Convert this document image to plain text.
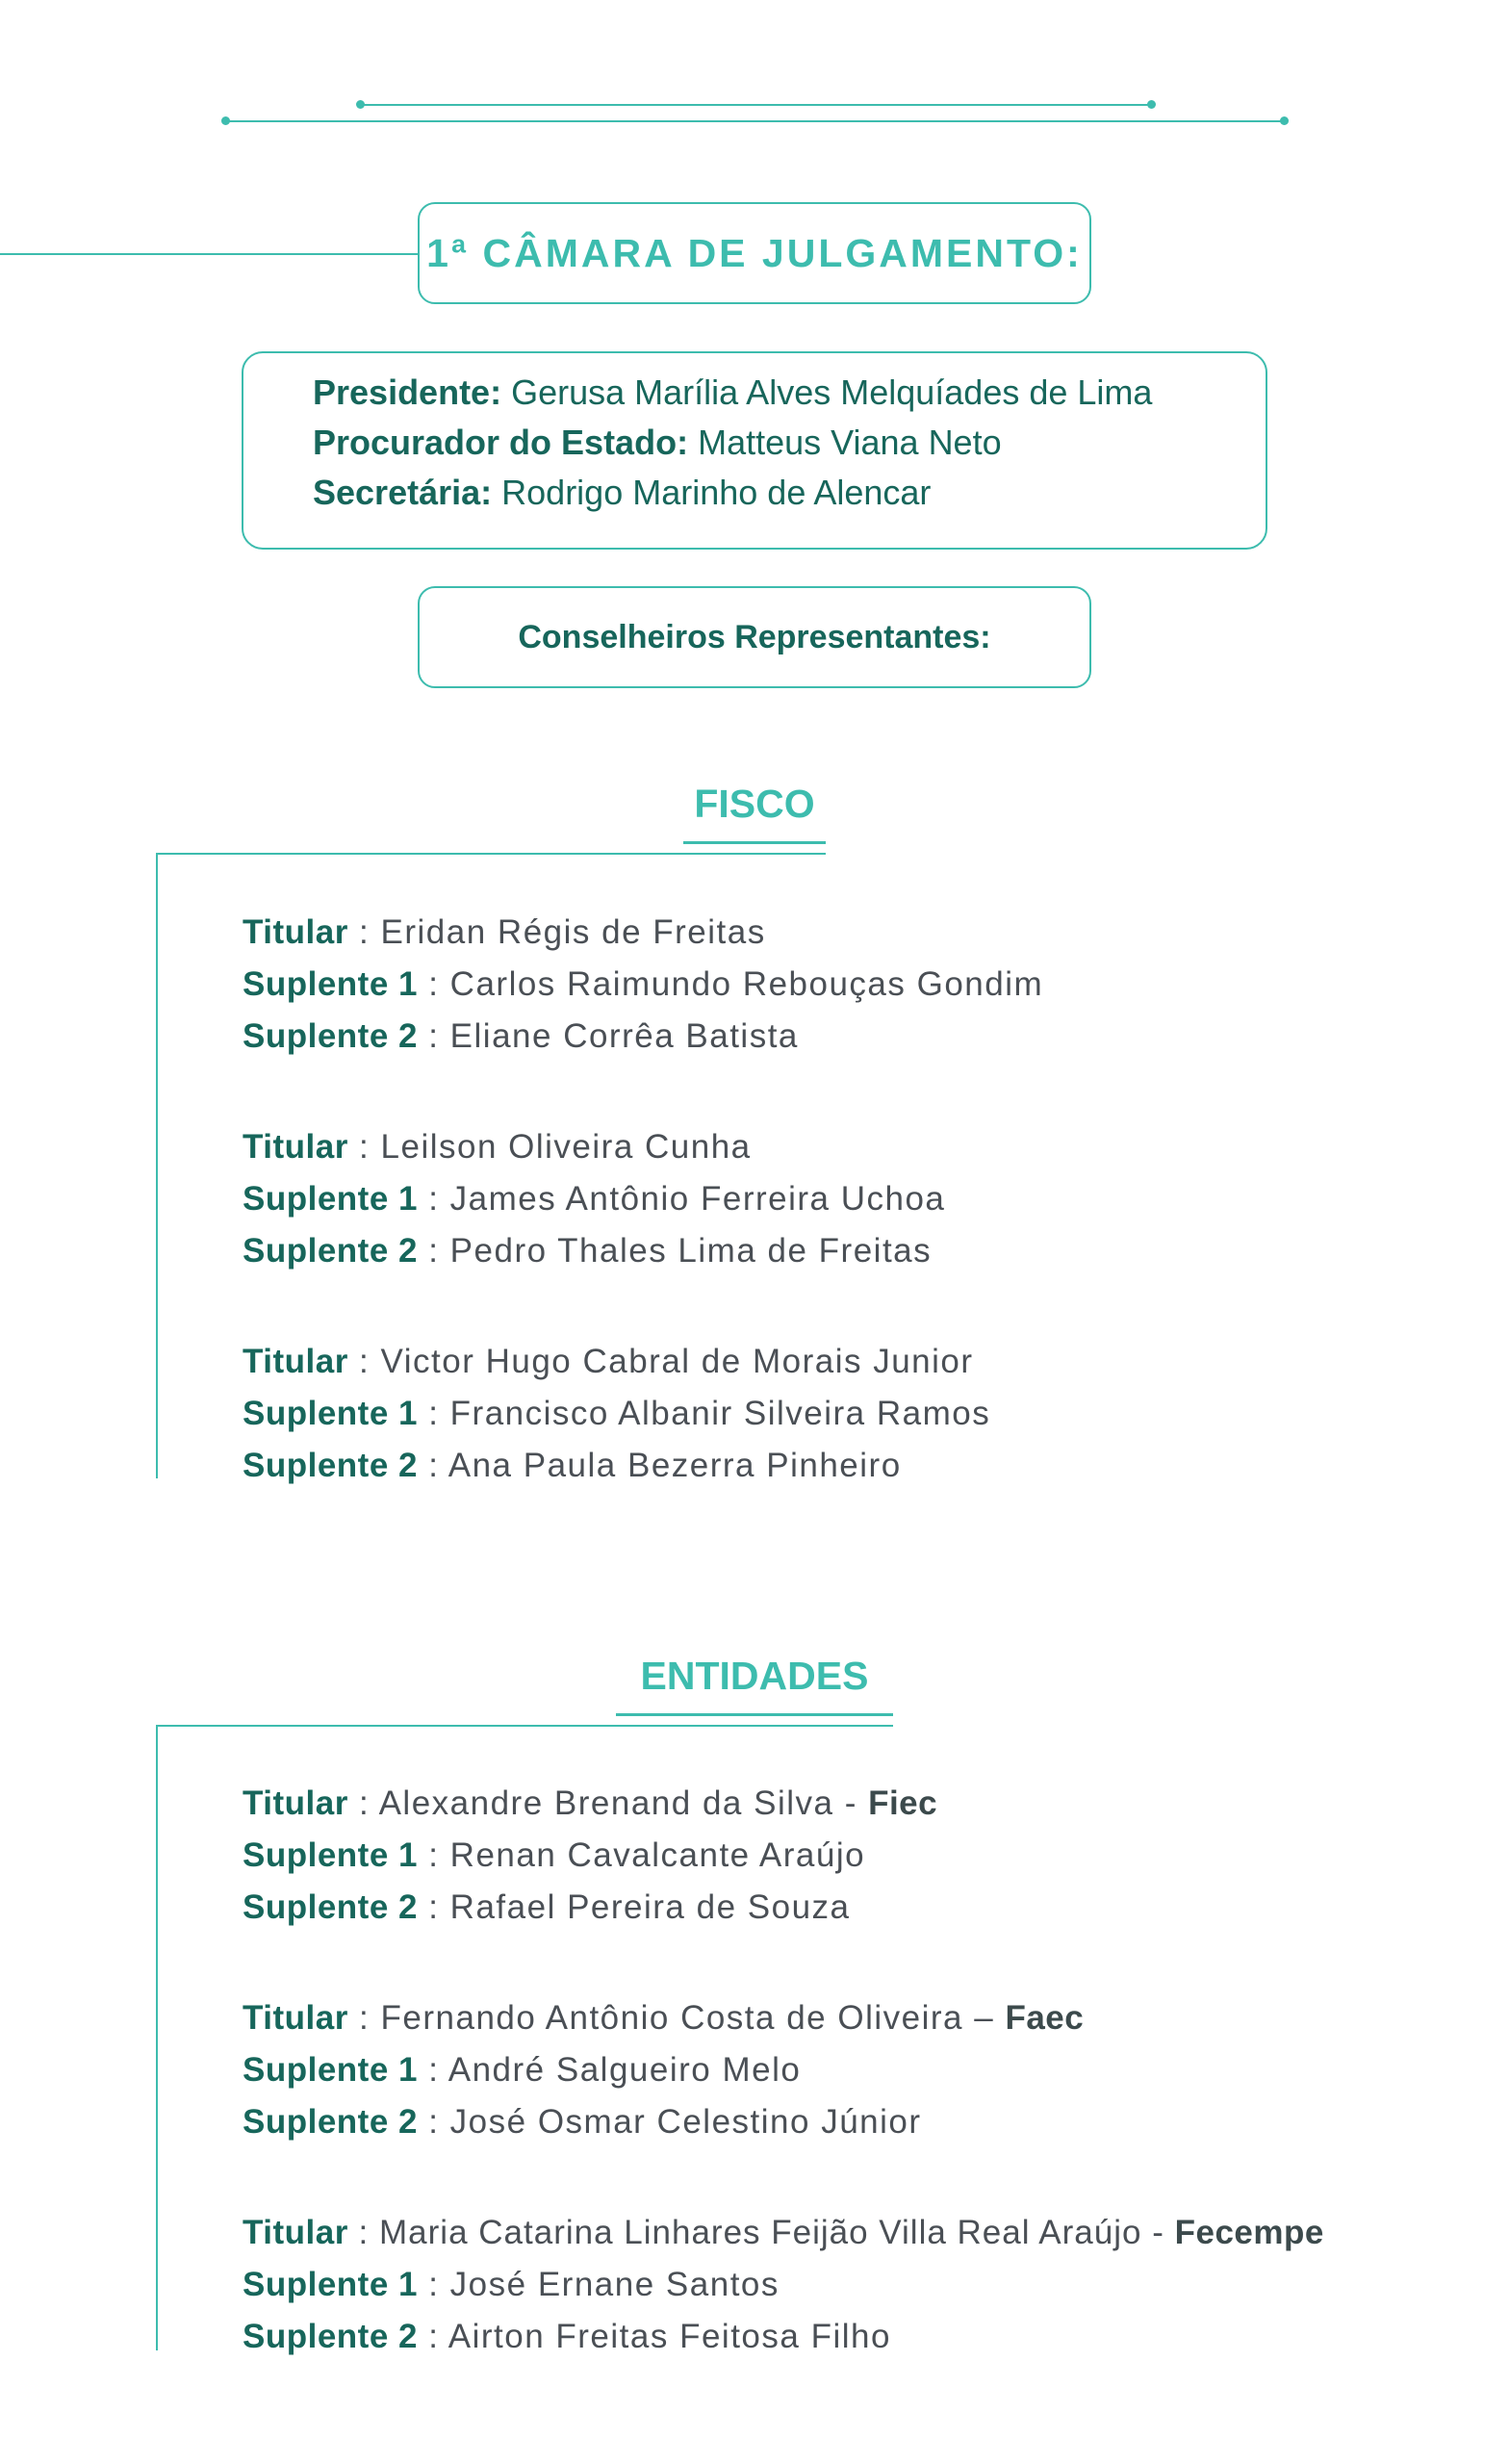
1ª CÂMARA DE JULGAMENTO:
Presidente: Gerusa Marília Alves Melquíades de Lima
Procurador do Estado: Matteus Viana Neto
Secretária: Rodrigo Marinho de Alencar
Conselheiros Representantes:
FISCO
Titular : Eridan Régis de Freitas
Suplente 1 : Carlos Raimundo Rebouças Gondim
Suplente 2 : Eliane Corrêa Batista
Titular : Leilson Oliveira Cunha
Suplente 1 : James Antônio Ferreira Uchoa
Suplente 2 : Pedro Thales Lima de Freitas
Titular : Victor Hugo Cabral de Morais Junior
Suplente 1 : Francisco Albanir Silveira Ramos
Suplente 2 : Ana Paula Bezerra Pinheiro
ENTIDADES
Titular : Alexandre Brenand da Silva - Fiec
Suplente 1 : Renan Cavalcante Araújo
Suplente 2 : Rafael Pereira de Souza
Titular : Fernando Antônio Costa de Oliveira – Faec
Suplente 1 : André Salgueiro Melo
Suplente 2 : José Osmar Celestino Júnior
Titular : Maria Catarina Linhares Feijão Villa Real Araújo - Fecempe
Suplente 1 : José Ernane Santos
Suplente 2 : Airton Freitas Feitosa Filho
